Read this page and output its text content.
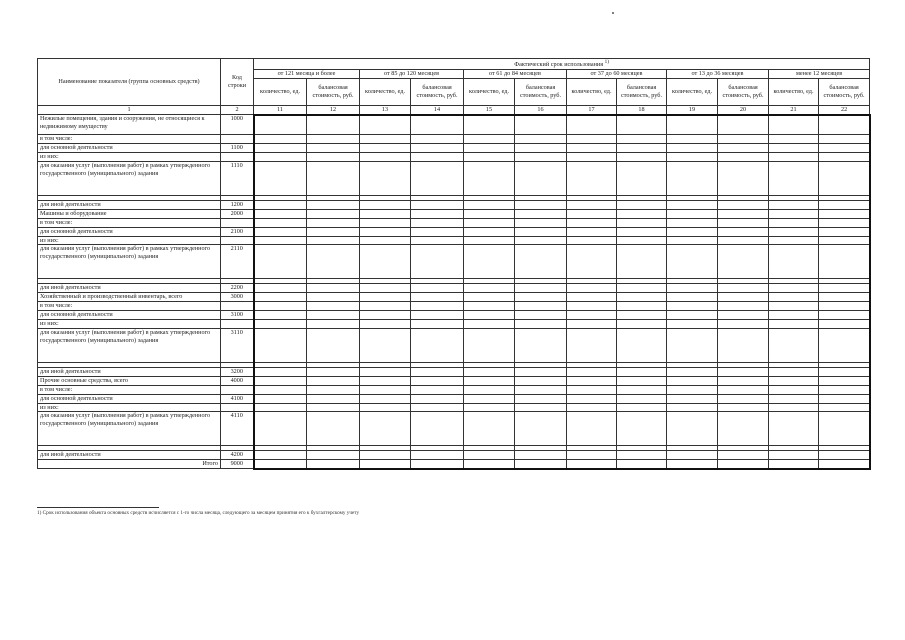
Наименование показателя (группа основных средств)	Код строки	Фактический срок использования $^{1)}$
		от 121 месяца и более		от 85 до 120 месяцев		от 61 до 84 месяцев		от 37 до 60 месяцев		от 13 до 36 месяцев		менее 12 месяцев	
		количество, ед.	балансовая стоимость, руб.	количество, ед.	балансовая стоимость, руб.	количество, ед.	балансовая стоимость, руб.	количество, ед.	балансовая стоимость, руб.	количество, ед.	балансовая стоимость, руб.	количество, ед.	балансовая стоимость, руб.
1	2	11	12	13	14	15	16	17	18	19	20	21	22
Нежилые помещения, здания и сооружения, не относящиеся к недвижимому имуществу	1000												
в том числе:													
для основной деятельности	1100												
из них:													
для оказания услуг (выполнения работ) в рамках утвержденного государственного (муниципального) задания	1110												

для иной деятельности	1200												
Машины и оборудование	2000												
в том числе:													
для основной деятельности	2100												
из них:													
для оказания услуг (выполнения работ) в рамках утвержденного государственного (муниципального) задания	2110												

для иной деятельности	2200												
Хозяйственный и производственный инвентарь, всего	3000												
в том числе:													
для основной деятельности	3100												
из них:													
для оказания услуг (выполнения работ) в рамках утвержденного государственного (муниципального) задания	3110												

для иной деятельности	3200												
Прочие основные средства, всего	4000												
в том числе:													
для основной деятельности	4100												
из них:													
для оказания услуг (выполнения работ) в рамках утвержденного государственного (муниципального) задания	4110												

для иной деятельности	4200												
Итого	9000												
1) Срок использования объекта основных средств исчисляется с 1-го числа месяца, следующего за месяцем принятия его к бухгалтерскому учету
